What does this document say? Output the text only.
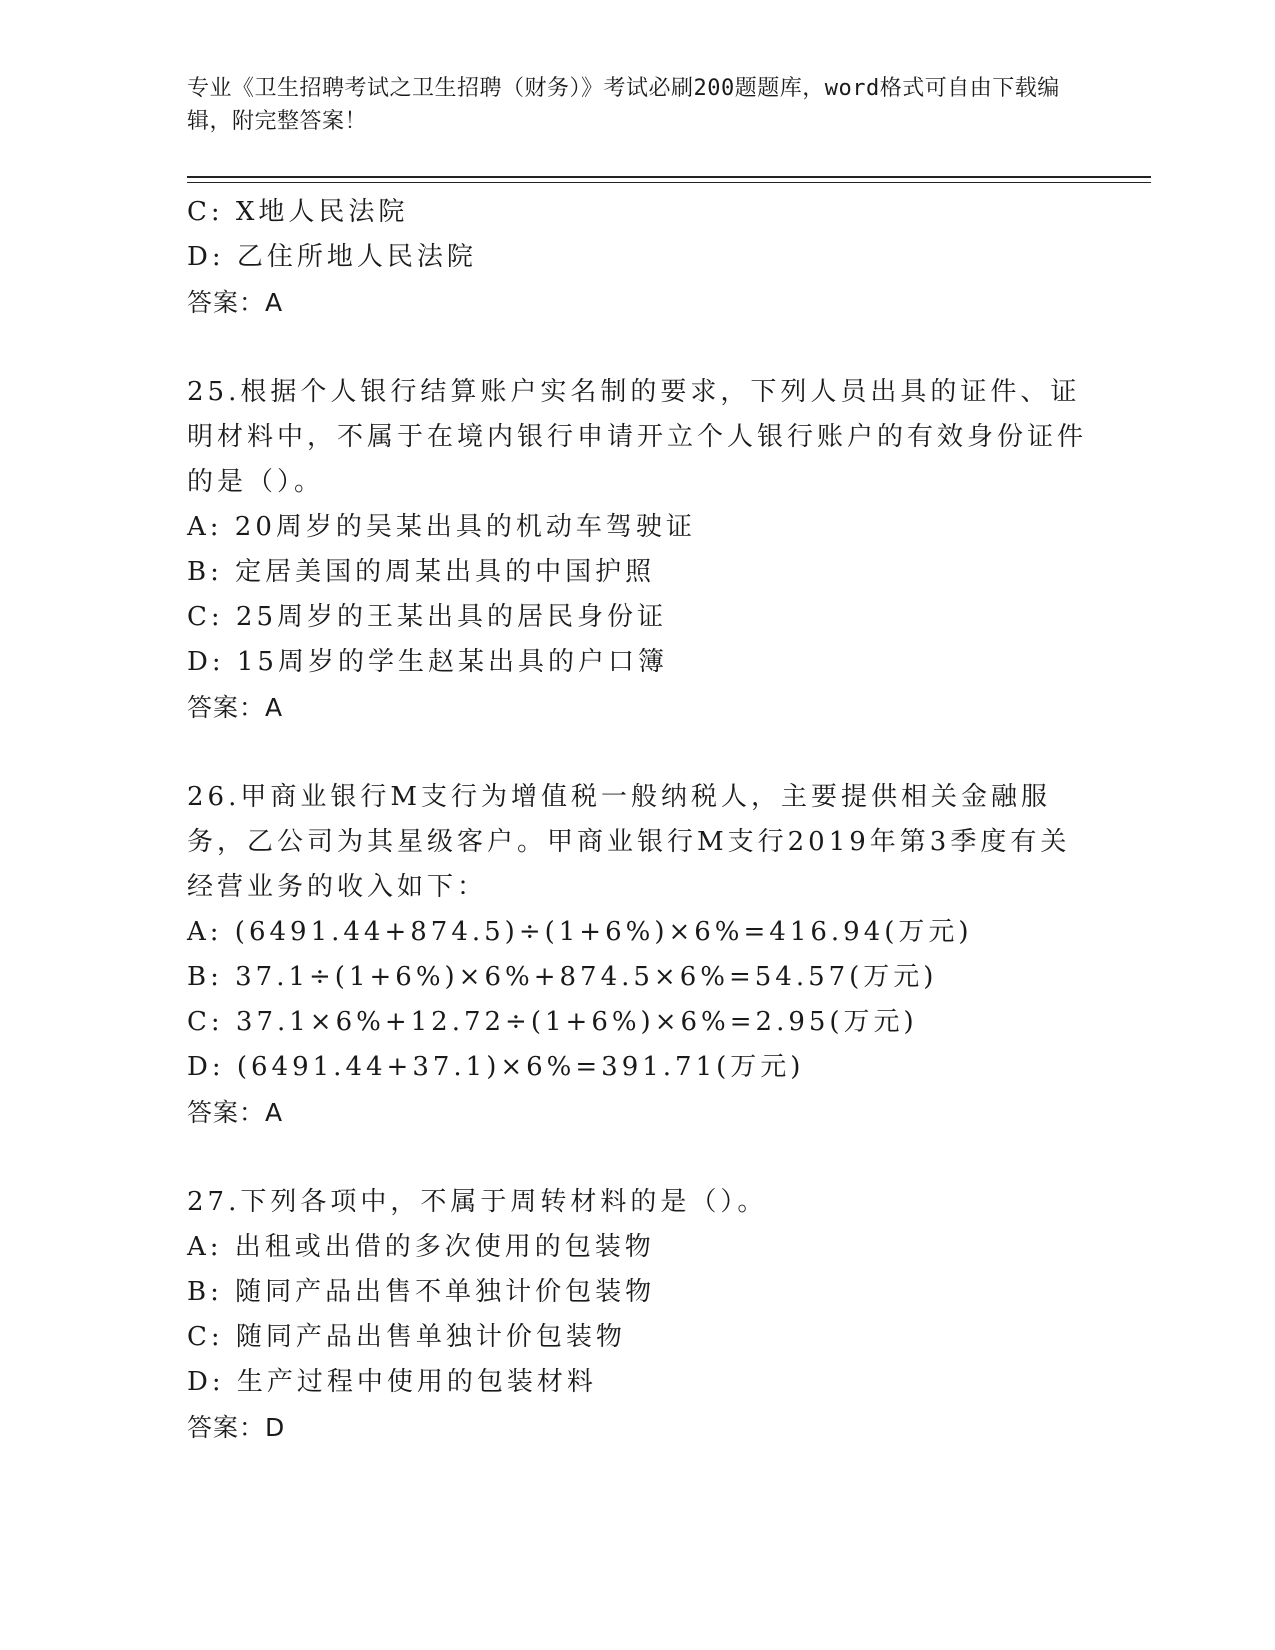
专业《卫生招聘考试之卫生招聘（财务）》考试必刷200题题库，word格式可自由下载编辑，附完整答案！
C: X地人民法院
D: 乙住所地人民法院
答案：A
25.根据个人银行结算账户实名制的要求，下列人员出具的证件、证明材料中，不属于在境内银行申请开立个人银行账户的有效身份证件的是（）。
A: 20周岁的吴某出具的机动车驾驶证
B: 定居美国的周某出具的中国护照
C: 25周岁的王某出具的居民身份证
D: 15周岁的学生赵某出具的户口簿
答案：A
26.甲商业银行M支行为增值税一般纳税人，主要提供相关金融服务，乙公司为其星级客户。甲商业银行M支行2019年第3季度有关经营业务的收入如下：
A: (6491.44+874.5)÷(1+6%)×6%=416.94(万元)
B: 37.1÷(1+6%)×6%+874.5×6%=54.57(万元)
C: 37.1×6%+12.72÷(1+6%)×6%=2.95(万元)
D: (6491.44+37.1)×6%=391.71(万元)
答案：A
27.下列各项中，不属于周转材料的是（）。
A: 出租或出借的多次使用的包装物
B: 随同产品出售不单独计价包装物
C: 随同产品出售单独计价包装物
D: 生产过程中使用的包装材料
答案：D
